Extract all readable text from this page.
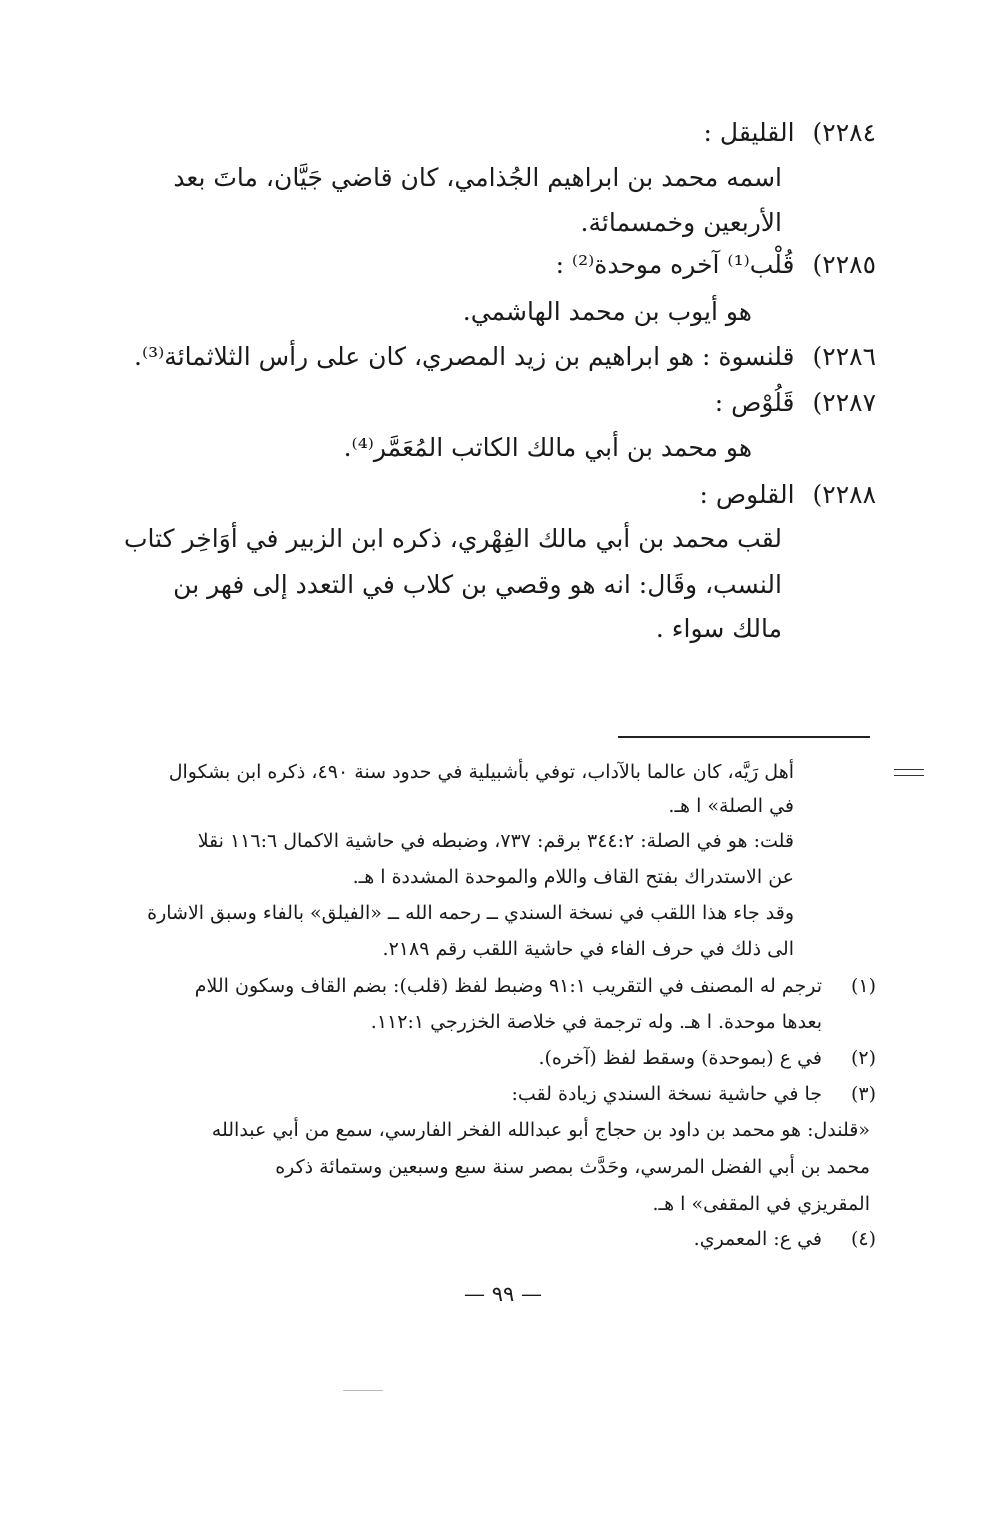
٢٢٨٤)القليقل :
اسمه محمد بن ابراهيم الجُذامي، كان قاضي جَيَّان، ماتَ بعد
الأربعين وخمسمائة.
٢٢٨٥)قُلْب⁽¹⁾ آخره موحدة⁽²⁾ :
هو أيوب بن محمد الهاشمي.
٢٢٨٦)قلنسوة : هو ابراهيم بن زيد المصري، كان على رأس الثلاثمائة⁽³⁾.
٢٢٨٧)قَلُوْص :
هو محمد بن أبي مالك الكاتب المُعَمَّر⁽⁴⁾.
٢٢٨٨)القلوص :
لقب محمد بن أبي مالك الفِهْري، ذكره ابن الزبير في أوَاخِر كتاب
النسب، وقَال: انه هو وقصي بن كلاب في التعدد إلى فهر بن
مالك سواء .
أهل رَيَّه، كان عالما بالآداب، توفي بأشبيلية في حدود سنة ٤٩٠، ذكره ابن بشكوال
في الصلة» ا هـ.
قلت: هو في الصلة: ٣٤٤:٢ برقم: ٧٣٧، وضبطه في حاشية الاكمال ١١٦:٦ نقلا
عن الاستدراك بفتح القاف واللام والموحدة المشددة ا هـ.
وقد جاء هذا اللقب في نسخة السندي ــ رحمه الله ــ «الفيلق» بالفاء وسبق الاشارة
الى ذلك في حرف الفاء في حاشية اللقب رقم ٢١٨٩.
(١)ترجم له المصنف في التقريب ٩١:١ وضبط لفظ (قلب): بضم القاف وسكون اللام
بعدها موحدة. ا هـ. وله ترجمة في خلاصة الخزرجي ١١٢:١.
(٢)في ع (بموحدة) وسقط لفظ (آخره).
(٣)جا في حاشية نسخة السندي زيادة لقب:
«قلندل: هو محمد بن داود بن حجاج أبو عبدالله الفخر الفارسي، سمع من أبي عبدالله
محمد بن أبي الفضل المرسي، وحَدَّث بمصر سنة سبع وسبعين وستمائة ذكره
المقريزي في المقفى» ا هـ.
(٤)في ع: المعمري.
— ٩٩ —
